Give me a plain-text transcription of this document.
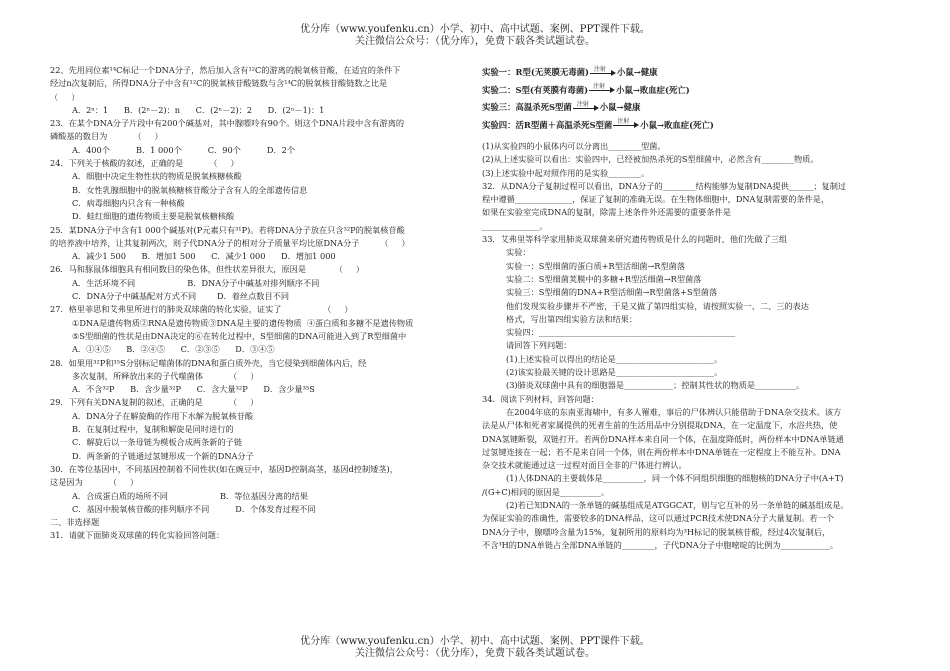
优分库（www.youfenku.cn）小学、初中、高中试题、案例、PPT课件下载。
关注微信公众号：（优分库），免费下载各类试题试卷。
22、先用同位素¹⁴C标记一个DNA分子，然后加入含有¹²C的游离的脱氧核苷酸，在适宜的条件下
经过n次复制后，所得DNA分子中含有¹²C的脱氧核苷酸链数与含¹⁴C的脱氧核苷酸链数之比是
（     ）
A．2ⁿ：1      B．(2ⁿ－2)：n      C．(2ⁿ－2)：2      D．(2ⁿ－1)：1
23．在某个DNA分子片段中有200个碱基对，其中腺嘌呤有90个。则这个DNA片段中含有游离的
磷酸基的数目为          （     ）
A．400个          B．1 000个          C．90个          D．2个
24．下列关于核酸的叙述，正确的是          （     ）
A．细胞中决定生物性状的物质是脱氧核糖核酸
B．女性乳腺细胞中的脱氧核糖核苷酸分子含有人的全部遗传信息
C．病毒细胞内只含有一种核酸
D．蛙红细胞的遗传物质主要是脱氧核糖核酸
25．某DNA分子中含有1 000个碱基对(P元素只有³¹P)。若将DNA分子放在只含³²P的脱氧核苷酸
的培养液中培养，让其复制两次，则子代DNA分子的相对分子质量平均比原DNA分子        （     ）
A．减少1 500      B．增加1 500      C．减少1 000      D．增加1 000
26．马和豚鼠体细胞具有相同数目的染色体，但性状差异很大，原因是           （     ）
A．生活环境不同                    B．DNA分子中碱基对排列顺序不同
C．DNA分子中碱基配对方式不同        D．着丝点数目不同
27．格里菲思和艾弗里所进行的肺炎双球菌的转化实验，证实了                （     ）
①DNA是遗传物质②RNA是遗传物质③DNA是主要的遗传物质  ④蛋白质和多糖不是遗传物质
⑤S型细菌的性状是由DNA决定的⑥在转化过程中，S型细菌的DNA可能进入到了R型细菌中
A．①④⑤      B．②④⑤      C．②③⑤      D．③④⑤
28．如果用³²P和³⁵S分别标记噬菌体的DNA和蛋白质外壳，当它侵染到细菌体内后，经
多次复制，所释放出来的子代噬菌体          （     ）
A．不含³²P      B．含少量³²P      C．含大量³²P      D．含少量³⁵S
29．下列有关DNA复制的叙述，正确的是          （     ）
A．DNA分子在解旋酶的作用下水解为脱氧核苷酸
B．在复制过程中，复制和解旋是同时进行的
C．解旋后以一条母链为模板合成两条新的子链
D．两条新的子链通过氢键形成一个新的DNA分子
30．在等位基因中，不同基因控制着不同性状(如在豌豆中，基因D控制高茎，基因d控制矮茎)，
这是因为          （     ）
A．合成蛋白质的场所不同                    B．等位基因分离的结果
C．基因中脱氧核苷酸的排列顺序不同          D．个体发育过程不同
二、非选择题
31．请就下面肺炎双球菌的转化实验回答问题：
实验一：R型(无荚膜无毒菌) 注射 小鼠→健康
实验二：S型(有荚膜有毒菌) 注射 小鼠→败血症(死亡)
实验三：高温杀死S型菌 注射 小鼠→健康
实验四：活R型菌＋高温杀死S型菌 注射 小鼠→败血症(死亡)
(1)从实验四的小鼠体内可以分离出________型菌。
(2)从上述实验可以看出：实验四中，已经被加热杀死的S型细菌中，必然含有________物质。
(3)上述实验中起对照作用的是实验________。
32．从DNA分子复制过程可以看出，DNA分子的________结构能够为复制DNA提供______；复制过
程中遵循______________，保证了复制的准确无误。在生物体细胞中，DNA复制需要的条件是，
如果在实验室完成DNA的复制，除需上述条件外还需要的重要条件是
______________。
33．艾弗里等科学家用肺炎双球菌来研究遗传物质是什么的问题时，他们先做了三组
实验：
实验一：S型细菌的蛋白质+R型活细菌→R型菌落
实验二：S型细菌荚膜中的多糖+R型活细菌→R型菌落
实验三：S型细菌的DNA+R型活细菌→R型菌落+S型菌落
他们发现实验步骤并不严密，于是又做了第四组实验，请按照实验一、二、三的表达
格式，写出第四组实验方法和结果：
实验四：________________________________________________
请回答下列问题：
(1)上述实验可以得出的结论是________________________。
(2)该实验最关键的设计思路是________________________。
(3)肺炎双球菌中具有的细胞器是____________；控制其性状的物质是__________。
34．阅读下列材料，回答问题：
在2004年底的东南亚海啸中，有多人罹难，事后的尸体辨认只能借助于DNA杂交技术。该方
法是从尸体和死者家属提供的死者生前的生活用品中分别提取DNA，在一定温度下，水浴共热，使
DNA氢键断裂，双链打开。若两份DNA样本来自同一个体，在温度降低时，两份样本中DNA单链通
过氢键连接在一起；若不是来自同一个体，则在两份样本中DNA单链在一定程度上不能互补。DNA
杂交技术就能通过这一过程对面目全非的尸体进行辨认。
(1)人体DNA的主要载体是__________，同一个体不同组织细胞的细胞核的DNA分子中(A+T)
/(G+C)相同的原因是__________。
(2)若已知DNA的一条单链的碱基组成是ATGGCAT，则与它互补的另一条单链的碱基组成是。
为保证实验的准确性，需要较多的DNA样品，这可以通过PCR技术使DNA分子大量复制。若一个
DNA分子中，腺嘌呤含量为15%，复制所用的原料均为³H标记的脱氧核苷酸，经过4次复制后，
不含³H的DNA单链占全部DNA单链的________，子代DNA分子中胞嘧啶的比例为____________。
优分库（www.youfenku.cn）小学、初中、高中试题、案例、PPT课件下载。
关注微信公众号：（优分库），免费下载各类试题试卷。
